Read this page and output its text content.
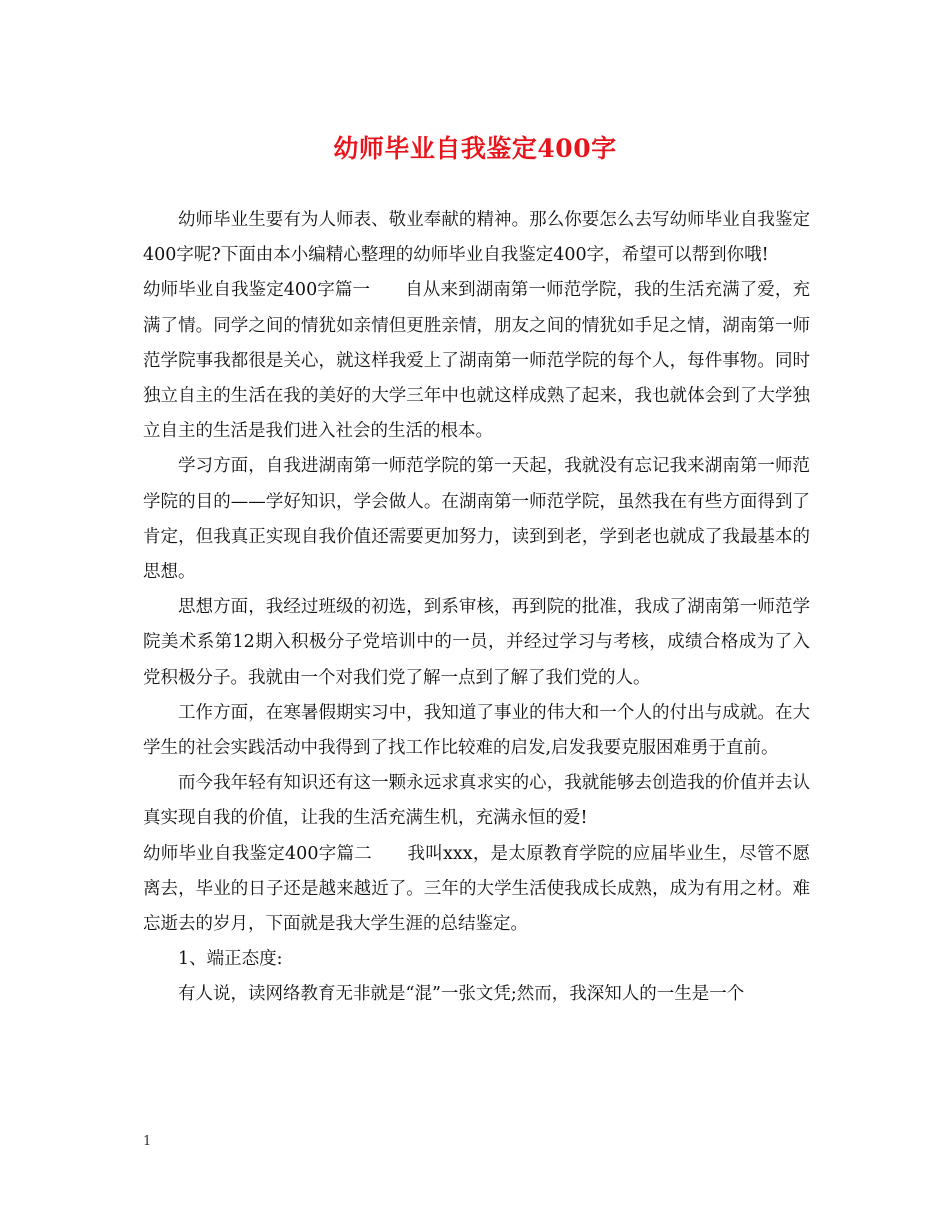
幼师毕业自我鉴定400字

幼师毕业生要有为人师表、敬业奉献的精神。那么你要怎么去写幼师毕业自我鉴定400字呢?下面由本小编精心整理的幼师毕业自我鉴定400字，希望可以帮到你哦!

幼师毕业自我鉴定400字篇一　　自从来到湖南第一师范学院，我的生活充满了爱，充满了情。同学之间的情犹如亲情但更胜亲情，朋友之间的情犹如手足之情，湖南第一师范学院事我都很是关心，就这样我爱上了湖南第一师范学院的每个人，每件事物。同时独立自主的生活在我的美好的大学三年中也就这样成熟了起来，我也就体会到了大学独立自主的生活是我们进入社会的生活的根本。

学习方面，自我进湖南第一师范学院的第一天起，我就没有忘记我来湖南第一师范学院的目的——学好知识，学会做人。在湖南第一师范学院，虽然我在有些方面得到了肯定，但我真正实现自我价值还需要更加努力，读到到老，学到老也就成了我最基本的思想。

思想方面，我经过班级的初选，到系审核，再到院的批准，我成了湖南第一师范学院美术系第12期入积极分子党培训中的一员，并经过学习与考核，成绩合格成为了入党积极分子。我就由一个对我们党了解一点到了解了我们党的人。

工作方面，在寒暑假期实习中，我知道了事业的伟大和一个人的付出与成就。在大学生的社会实践活动中我得到了找工作比较难的启发,启发我要克服困难勇于直前。

而今我年轻有知识还有这一颗永远求真求实的心，我就能够去创造我的价值并去认真实现自我的价值，让我的生活充满生机，充满永恒的爱!

幼师毕业自我鉴定400字篇二　　我叫xxx，是太原教育学院的应届毕业生，尽管不愿离去，毕业的日子还是越来越近了。三年的大学生活使我成长成熟，成为有用之材。难忘逝去的岁月，下面就是我大学生涯的总结鉴定。

1、端正态度:

有人说，读网络教育无非就是“混”一张文凭;然而，我深知人的一生是一个

1
